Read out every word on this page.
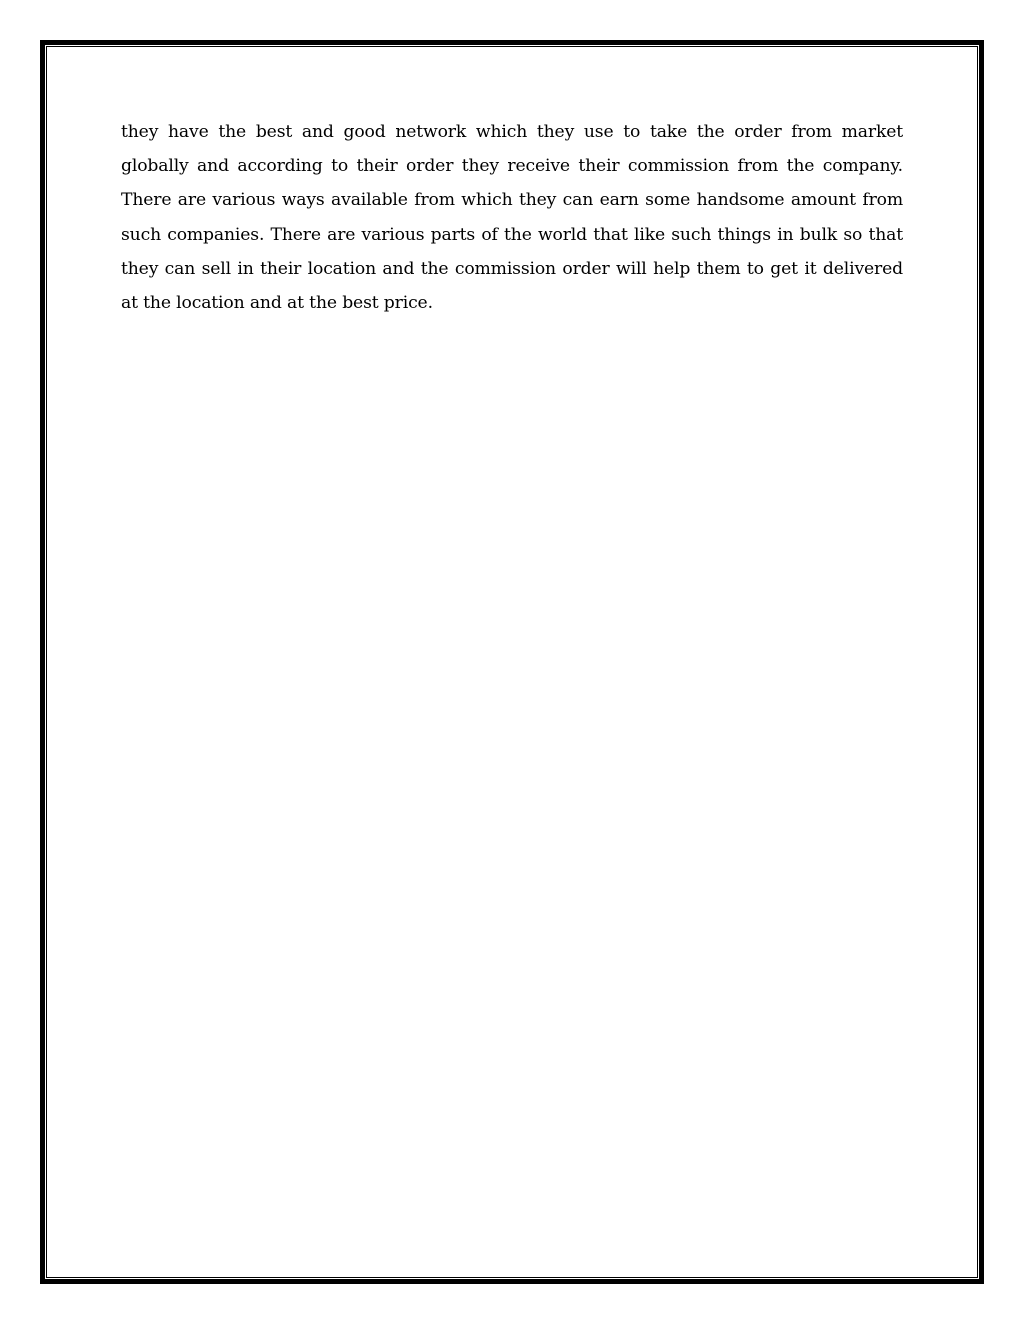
they have the best and good network which they use to take the order from market globally and according to their order they receive their commission from the company. There are various ways available from which they can earn some handsome amount from such companies. There are various parts of the world that like such things in bulk so that they can sell in their location and the commission order will help them to get it delivered at the location and at the best price.
